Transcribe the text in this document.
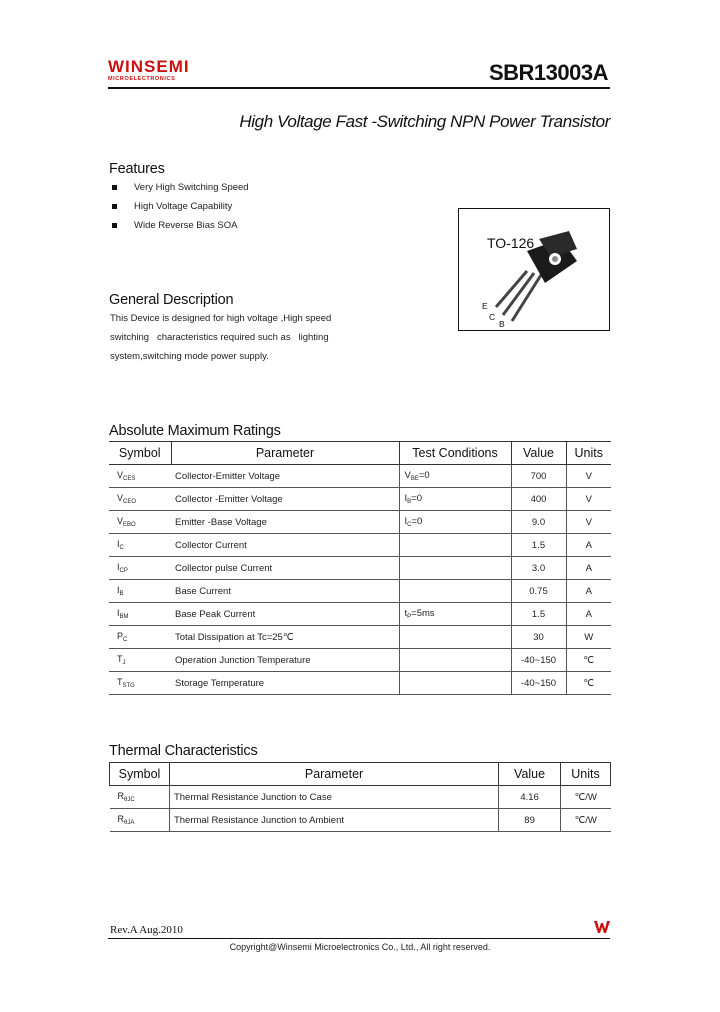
WINSEMI
MICROELECTRONICS	SBR13003A
High Voltage Fast -Switching NPN Power Transistor
Features
Very High Switching Speed
High Voltage Capability
Wide Reverse Bias SOA
TO-126
E
C
B
General Description
This Device is designed for high voltage ,High speed
switching   characteristics required such as   lighting
system,switching mode power supply.
Absolute Maximum Ratings
Symbol	Parameter	Test Conditions	Value	Units
$V_{CES}$	Collector-Emitter Voltage	$V_{BE}=0$	700	V
$V_{CEO}$	Collector -Emitter Voltage	$I_B=0$	400	V
$V_{EBO}$	Emitter -Base Voltage	$I_C=0$	9.0	V
$I_C$	Collector Current		1.5	A
$I_{CP}$	Collector pulse Current		3.0	A
$I_B$	Base Current		0.75	A
$I_{BM}$	Base Peak Current	$t_P=5ms$	1.5	A
$P_C$	Total Dissipation at Tc=25℃		30	W
$T_J$	Operation Junction Temperature		-40~150	℃
$T_{STG}$	Storage Temperature		-40~150	℃
Thermal Characteristics
Symbol	Parameter	Value	Units
$R_{\theta JC}$	Thermal Resistance Junction to Case	4.16	℃/W
$R_{\theta JA}$	Thermal Resistance Junction to Ambient	89	℃/W
Rev.A Aug.2010
Copyright@Winsemi Microelectronics Co., Ltd., All right reserved.
